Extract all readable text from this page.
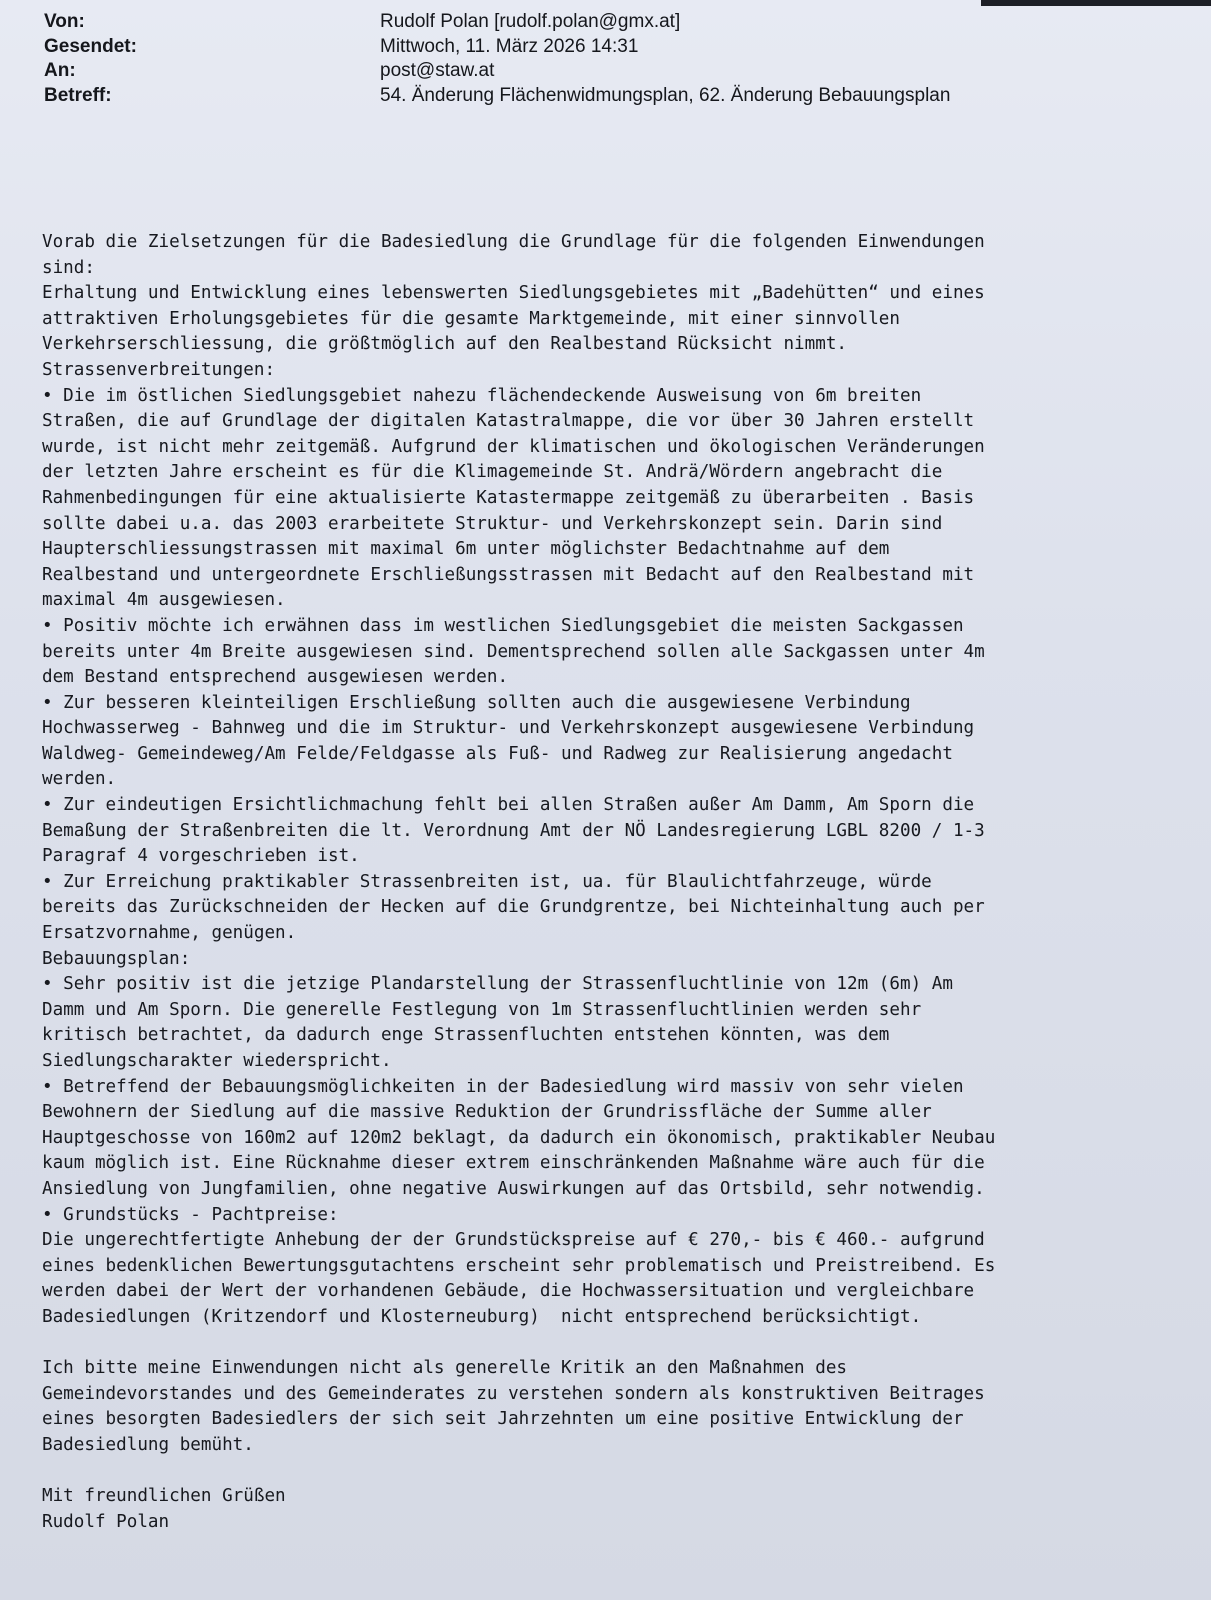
Von:	Rudolf Polan [rudolf.polan@gmx.at]
Gesendet:	Mittwoch, 11. März 2026 14:31
An:	post@staw.at
Betreff:	54. Änderung Flächenwidmungsplan, 62. Änderung Bebauungsplan
Vorab die Zielsetzungen für die Badesiedlung die Grundlage für die folgenden Einwendungen
sind:
Erhaltung und Entwicklung eines lebenswerten Siedlungsgebietes mit „Badehütten“ und eines
attraktiven Erholungsgebietes für die gesamte Marktgemeinde, mit einer sinnvollen
Verkehrserschliessung, die größtmöglich auf den Realbestand Rücksicht nimmt.
Strassenverbreitungen:
• Die im östlichen Siedlungsgebiet nahezu flächendeckende Ausweisung von 6m breiten
Straßen, die auf Grundlage der digitalen Katastralmappe, die vor über 30 Jahren erstellt
wurde, ist nicht mehr zeitgemäß. Aufgrund der klimatischen und ökologischen Veränderungen
der letzten Jahre erscheint es für die Klimagemeinde St. Andrä/Wördern angebracht die
Rahmenbedingungen für eine aktualisierte Katastermappe zeitgemäß zu überarbeiten . Basis
sollte dabei u.a. das 2003 erarbeitete Struktur- und Verkehrskonzept sein. Darin sind
Haupterschliessungstrassen mit maximal 6m unter möglichster Bedachtnahme auf dem
Realbestand und untergeordnete Erschließungsstrassen mit Bedacht auf den Realbestand mit
maximal 4m ausgewiesen.
• Positiv möchte ich erwähnen dass im westlichen Siedlungsgebiet die meisten Sackgassen
bereits unter 4m Breite ausgewiesen sind. Dementsprechend sollen alle Sackgassen unter 4m
dem Bestand entsprechend ausgewiesen werden.
• Zur besseren kleinteiligen Erschließung sollten auch die ausgewiesene Verbindung
Hochwasserweg - Bahnweg und die im Struktur- und Verkehrskonzept ausgewiesene Verbindung
Waldweg- Gemeindeweg/Am Felde/Feldgasse als Fuß- und Radweg zur Realisierung angedacht
werden.
• Zur eindeutigen Ersichtlichmachung fehlt bei allen Straßen außer Am Damm, Am Sporn die
Bemaßung der Straßenbreiten die lt. Verordnung Amt der NÖ Landesregierung LGBL 8200 / 1-3
Paragraf 4 vorgeschrieben ist.
• Zur Erreichung praktikabler Strassenbreiten ist, ua. für Blaulichtfahrzeuge, würde
bereits das Zurückschneiden der Hecken auf die Grundgrentze, bei Nichteinhaltung auch per
Ersatzvornahme, genügen.
Bebauungsplan:
• Sehr positiv ist die jetzige Plandarstellung der Strassenfluchtlinie von 12m (6m) Am
Damm und Am Sporn. Die generelle Festlegung von 1m Strassenfluchtlinien werden sehr
kritisch betrachtet, da dadurch enge Strassenfluchten entstehen könnten, was dem
Siedlungscharakter wiederspricht.
• Betreffend der Bebauungsmöglichkeiten in der Badesiedlung wird massiv von sehr vielen
Bewohnern der Siedlung auf die massive Reduktion der Grundrissfläche der Summe aller
Hauptgeschosse von 160m2 auf 120m2 beklagt, da dadurch ein ökonomisch, praktikabler Neubau
kaum möglich ist. Eine Rücknahme dieser extrem einschränkenden Maßnahme wäre auch für die
Ansiedlung von Jungfamilien, ohne negative Auswirkungen auf das Ortsbild, sehr notwendig.
• Grundstücks - Pachtpreise:
Die ungerechtfertigte Anhebung der der Grundstückspreise auf € 270,- bis € 460.- aufgrund
eines bedenklichen Bewertungsgutachtens erscheint sehr problematisch und Preistreibend. Es
werden dabei der Wert der vorhandenen Gebäude, die Hochwassersituation und vergleichbare
Badesiedlungen (Kritzendorf und Klosterneuburg)  nicht entsprechend berücksichtigt.
Ich bitte meine Einwendungen nicht als generelle Kritik an den Maßnahmen des
Gemeindevorstandes und des Gemeinderates zu verstehen sondern als konstruktiven Beitrages
eines besorgten Badesiedlers der sich seit Jahrzehnten um eine positive Entwicklung der
Badesiedlung bemüht.
Mit freundlichen Grüßen
Rudolf Polan
